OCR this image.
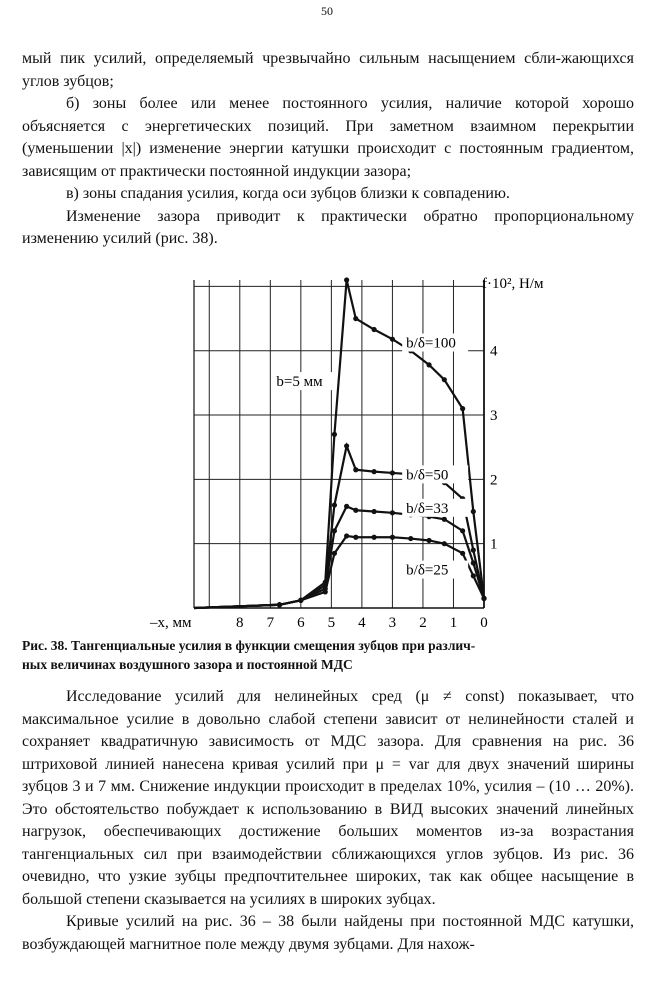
50

мый пик усилий, определяемый чрезвычайно сильным насыщением сбли-жающихся углов зубцов;

б) зоны более или менее постоянного усилия, наличие которой хорошо объясняется с энергетических позиций. При заметном взаимном перекрытии (уменьшении |x|) изменение энергии катушки происходит с постоянным градиентом, зависящим от практически постоянной индукции зазора;

в) зоны спадания усилия, когда оси зубцов близки к совпадению.

Изменение зазора приводит к практически обратно пропорциональному изменению усилий (рис. 38).

8 7 6 5 4 3 2 1 0
–x, мм
1
2
3
4
f·10², Н/м
b/δ=100
b/δ=50
b/δ=33
b/δ=25
b=5 мм
Рис. 38. Тангенциальные усилия в функции смещения зубцов при различ-
ных величинах воздушного зазора и постоянной МДС

Исследование усилий для нелинейных сред (μ ≠ const) показывает, что максимальное усилие в довольно слабой степени зависит от нелинейности сталей и сохраняет квадратичную зависимость от МДС зазора. Для сравнения на рис. 36 штриховой линией нанесена кривая усилий при μ = var для двух значений ширины зубцов 3 и 7 мм. Снижение индукции происходит в пределах 10%, усилия – (10 … 20%). Это обстоятельство побуждает к использованию в ВИД высоких значений линейных нагрузок, обеспечивающих достижение больших моментов из-за возрастания тангенциальных сил при взаимодействии сближающихся углов зубцов. Из рис. 36 очевидно, что узкие зубцы предпочтительнее широких, так как общее насыщение в большой степени сказывается на усилиях в широких зубцах.

Кривые усилий на рис. 36 – 38 были найдены при постоянной МДС катушки, возбуждающей магнитное поле между двумя зубцами. Для нахож-
